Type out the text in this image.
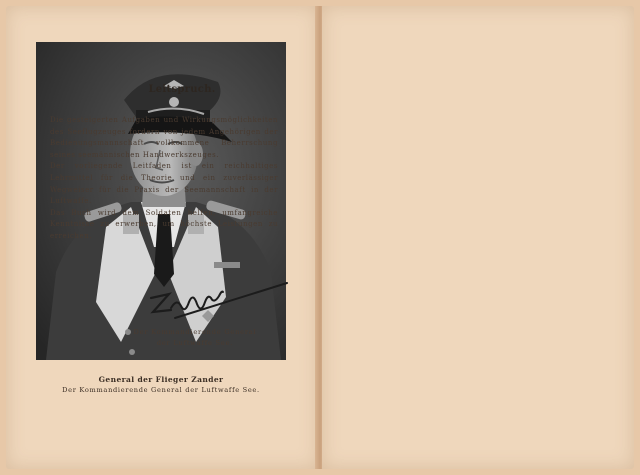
General der Flieger Zander
Der Kommandierende General der Luftwaffe See.
Leitspruch.

Die gesteigerten Aufgaben und Wirkungsmöglichkeiten des Seeflugzeuges fordern von jedem Angehörigen der Bedienungsmannschaft vollkommene Beherrschung seines seemännischen Handwerkszeuges.

Der vorliegende Leitfaden ist ein reichhaltiges Lehrmittel für die Theorie und ein zuverlässiger Wegweiser für die Praxis der Seemannschaft in der Luftwaffe.

Das Buch wird dem Soldaten helfen, umfangreiche Kenntnisse zu erwerben, um höchste Leistungen zu erreichen.

Der Kommandierende General
der Luftwaffe See.
